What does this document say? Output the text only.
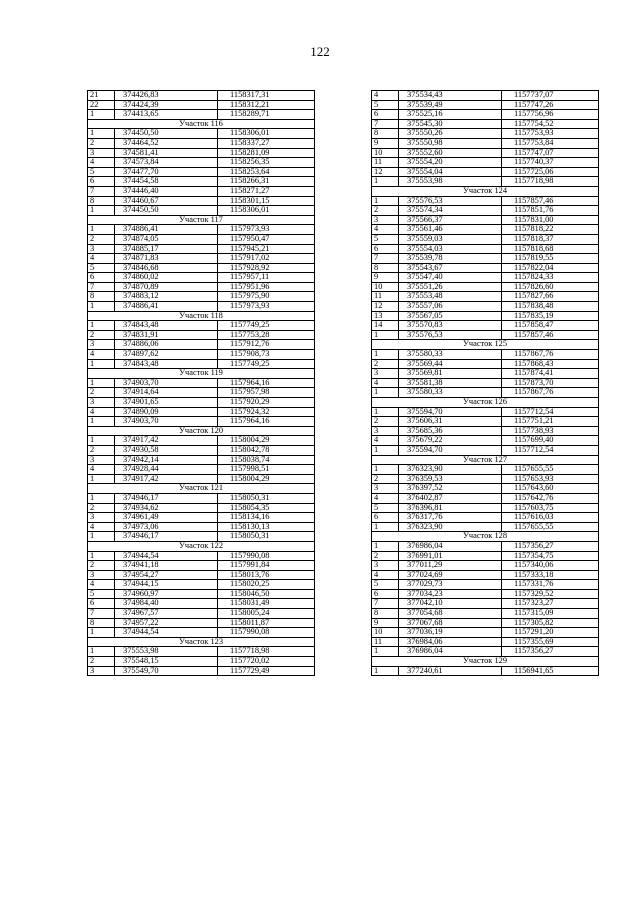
122
21	374426,83	1158317,31
22	374424,39	1158312,21
1	374413,65	1158289,71
Участок 116		
1	374450,50	1158306,01
2	374464,52	1158337,27
3	374581,41	1158281,09
4	374573,84	1158256,35
5	374477,70	1158253,64
6	374454,58	1158266,31
7	374446,40	1158271,27
8	374460,67	1158301,15
1	374450,50	1158306,01
Участок 117		
1	374886,41	1157973,93
2	374874,05	1157950,47
3	374885,17	1157945,21
4	374871,83	1157917,02
5	374846,68	1157928,92
6	374860,02	1157957,11
7	374870,89	1157951,96
8	374883,12	1157975,90
1	374886,41	1157973,93
Участок 118		
1	374843,48	1157749,25
2	374831,91	1157753,28
3	374886,06	1157912,76
4	374897,62	1157908,73
1	374843,48	1157749,25
Участок 119		
1	374903,70	1157964,16
2	374914,64	1157957,98
3	374901,65	1157920,29
4	374890,09	1157924,32
1	374903,70	1157964,16
Участок 120		
1	374917,42	1158004,29
2	374930,58	1158042,78
3	374942,14	1158038,74
4	374928,44	1157998,51
1	374917,42	1158004,29
Участок 121		
1	374946,17	1158050,31
2	374934,62	1158054,35
3	374961,49	1158134,16
4	374973,06	1158130,13
1	374946,17	1158050,31
Участок 122		
1	374944,54	1157990,08
2	374941,18	1157991,84
3	374954,27	1158013,76
4	374944,15	1158020,25
5	374960,97	1158046,50
6	374984,40	1158031,49
7	374967,57	1158005,24
8	374957,22	1158011,87
1	374944,54	1157990,08
Участок 123		
1	375553,98	1157718,98
2	375548,15	1157720,02
3	375549,70	1157729,49
4	375534,43	1157737,07
5	375539,49	1157747,26
6	375525,16	1157756,96
7	375545,30	1157754,52
8	375550,26	1157753,93
9	375550,98	1157753,84
10	375552,60	1157747,07
11	375554,20	1157740,37
12	375554,04	1157725,06
1	375553,98	1157718,98
Участок 124		
1	375576,53	1157857,46
2	375574,34	1157851,76
3	375566,37	1157831,00
4	375561,46	1157818,22
5	375559,03	1157818,37
6	375554,03	1157818,68
7	375539,78	1157819,55
8	375543,67	1157822,04
9	375547,40	1157824,33
10	375551,26	1157826,60
11	375553,48	1157827,66
12	375557,06	1157838,48
13	375567,05	1157835,19
14	375570,83	1157858,47
1	375576,53	1157857,46
Участок 125		
1	375580,33	1157867,76
2	375569,44	1157868,43
3	375569,81	1157874,41
4	375581,38	1157873,70
1	375580,33	1157867,76
Участок 126		
1	375594,70	1157712,54
2	375606,31	1157751,21
3	375685,36	1157738,93
4	375679,22	1157699,40
1	375594,70	1157712,54
Участок 127		
1	376323,90	1157655,55
2	376359,53	1157653,93
3	376397,52	1157643,60
4	376402,87	1157642,76
5	376396,81	1157603,75
6	376317,76	1157616,03
1	376323,90	1157655,55
Участок 128		
1	376986,04	1157356,27
2	376991,01	1157354,75
3	377011,29	1157340,06
4	377024,69	1157333,18
5	377029,73	1157331,76
6	377034,23	1157329,52
7	377042,10	1157323,27
8	377054,68	1157315,09
9	377067,68	1157305,82
10	377036,19	1157291,20
11	376984,06	1157355,69
1	376986,04	1157356,27
Участок 129		
1	377240,61	1156941,65
